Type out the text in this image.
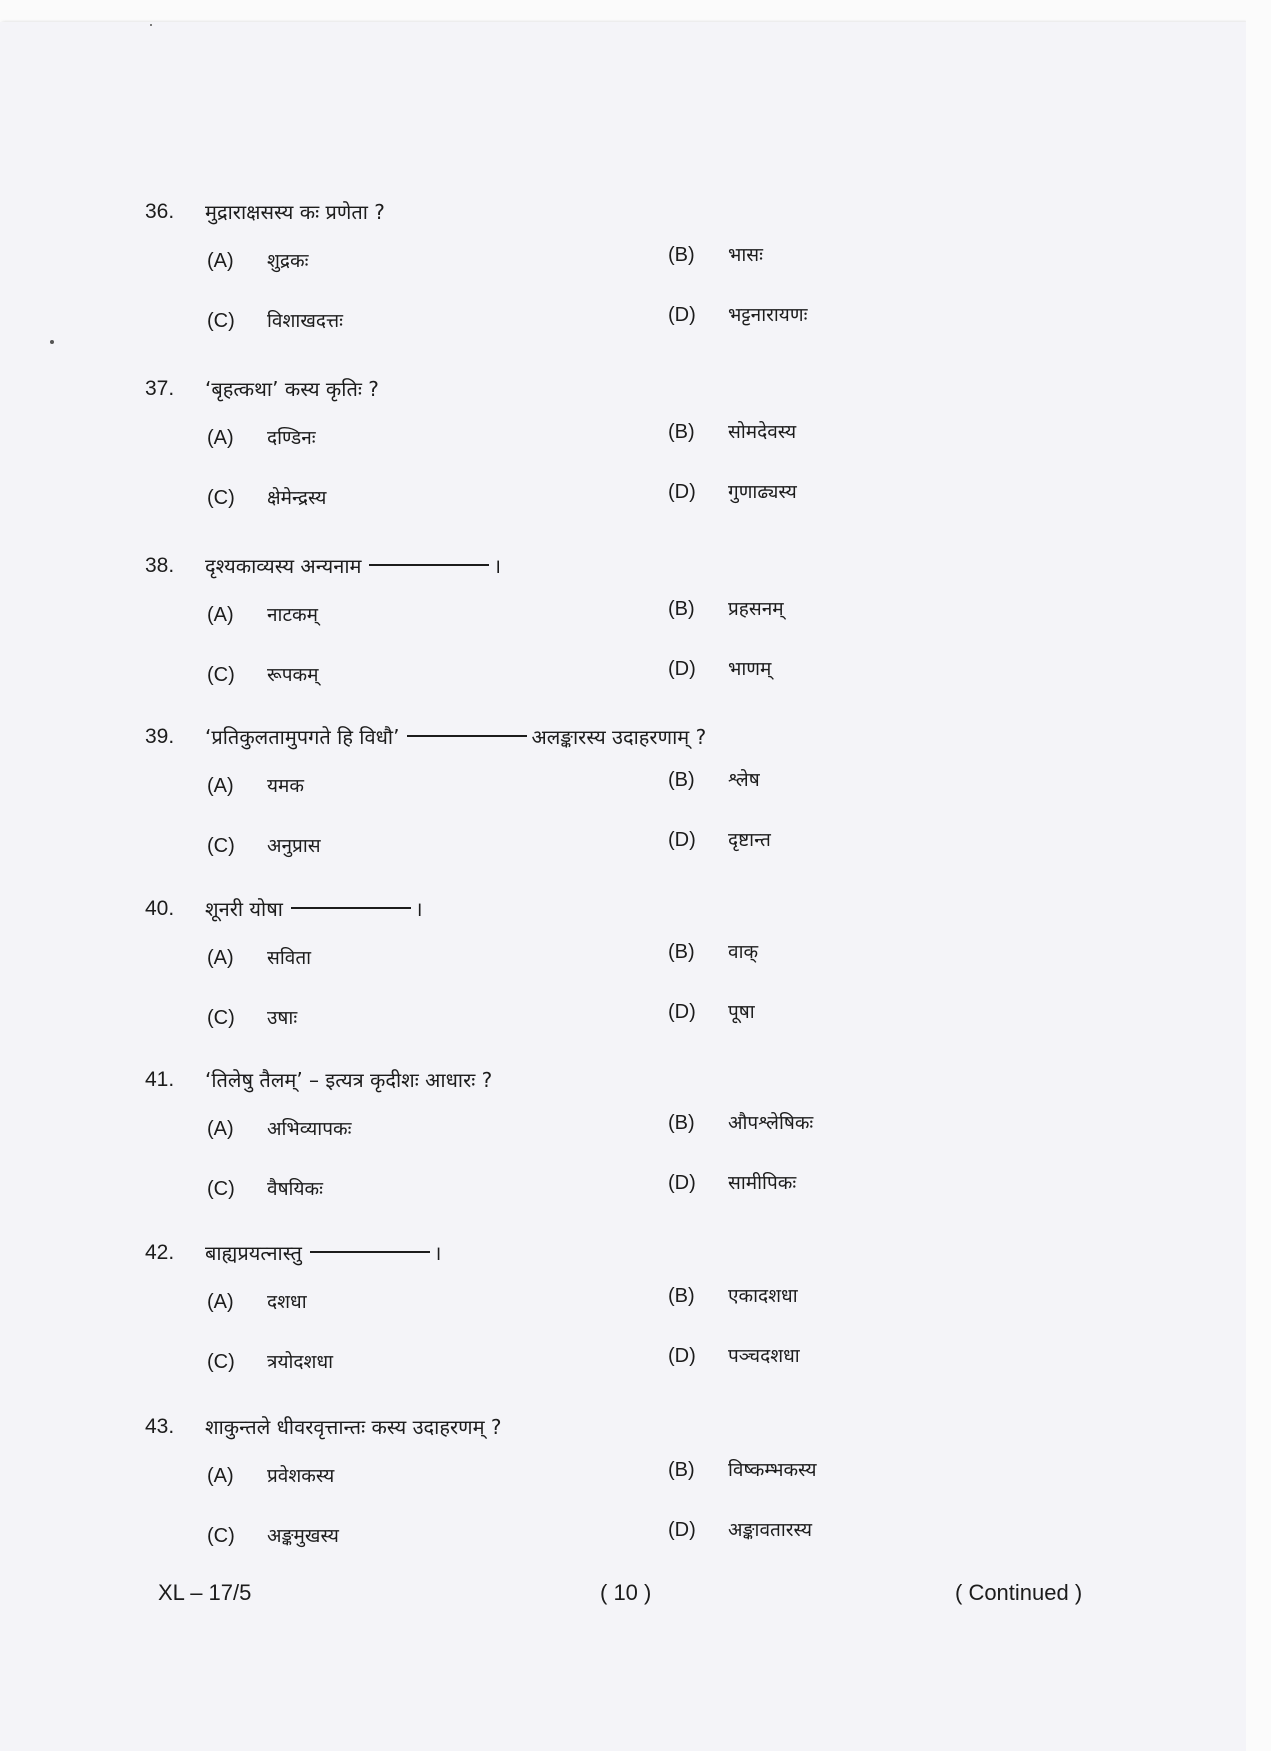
36. मुद्राराक्षसस्य कः प्रणेता ?
(A) शुद्रकः	(B) भासः
(C) विशाखदत्तः	(D) भट्टनारायणः
37. ‘बृहत्कथा’ कस्य कृतिः ?
(A) दण्डिनः	(B) सोमदेवस्य
(C) क्षेमेन्द्रस्य	(D) गुणाढ्यस्य
38. दृश्यकाव्यस्य अन्यनाम	।
(A) नाटकम्	(B) प्रहसनम्
(C) रूपकम्	(D) भाणम्
39. ‘प्रतिकुलतामुपगते हि विधौ’	अलङ्कारस्य उदाहरणाम् ?
(A) यमक	(B) श्लेष
(C) अनुप्रास	(D) दृष्टान्त
40. शूनरी योषा	।
(A) सविता	(B) वाक्
(C) उषाः	(D) पूषा
41. ‘तिलेषु तैलम्’ – इत्यत्र कृदीशः आधारः ?
(A) अभिव्यापकः	(B) औपश्लेषिकः
(C) वैषयिकः	(D) सामीपिकः
42. बाह्यप्रयत्नास्तु	।
(A) दशधा	(B) एकादशधा
(C) त्रयोदशधा	(D) पञ्चदशधा
43. शाकुन्तले धीवरवृत्तान्तः कस्य उदाहरणम् ?
(A) प्रवेशकस्य	(B) विष्कम्भकस्य
(C) अङ्कमुखस्य	(D) अङ्कावतारस्य
XL – 17/5	( 10 )	( Continued )
